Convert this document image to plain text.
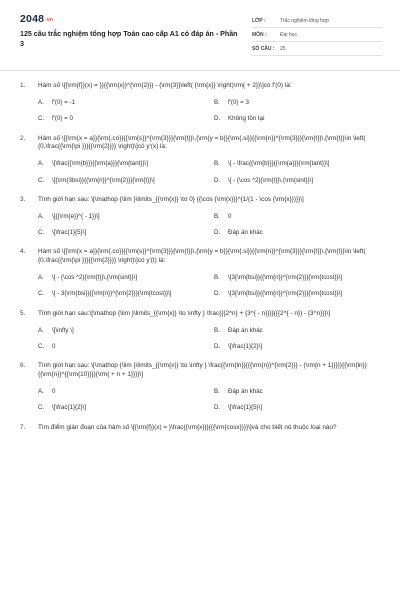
2048.vn
125 câu trắc nghiệm tổng hợp Toán cao cấp A1 có đáp án - Phần 3
LỚP :	Trắc nghiệm tổng hợp
MÔN :	Đại học
SỐ CÂU :	25
1.	Hàm số \[{\rm{f}}(x) = }}{{\rm{x}}^{\rm{2}}} - {\rm{3}}\left( {\rm{x}} \right)\rm{ + 2}}\]có f'(0) là:
A.	f'(0) = -1	B.	f'(0) = 3
C.	f'(0) = 0	D.	Không tồn tại
2.	Hàm số \[{\rm{x = a}}{\rm{.co}}{{\rm{s}}^{\rm{3}}}{\rm{t}}\,{\rm{y = b}}{\rm{.si}}{{\rm{n}}^{\rm{3}}}{\rm{t}}\,{\rm{t}}\in \left( {0,\frac{{\rm{\pi }}}{{\rm{2}}}} \right)\]có y'(x) là:
A.	\[\frac{{\rm{b}}}{{\rm{a}}}{\rm{tant}}\]	B.	\[ - \frac{{\rm{b}}}{{\rm{a}}}{\rm{tant}}\]
C.	\[{\rm{3bsi}}{{\rm{n}}^{\rm{2}}}{\rm{t}}\]	D.	\[ - {\cos ^2}{\rm{t}}\,{\rm{sint}}\]
3.	Tính giới hạn sau: \[\mathop {\lim }\limits_{{\rm{x}} \to 0} {{\cos {\rm{x}}}^{1/(1 - \cos {\rm{x}})}}\]
A.	\[{{\rm{e}}^{ - 1}}\]	B.	0
C.	\[\frac{1}{5}\]	D.	Đáp án khác
4.	Hàm số \[{\rm{x = a}}{\rm{.co}}{{\rm{s}}^{\rm{3}}}{\rm{t}}\,{\rm{y = b}}{\rm{.si}}{{\rm{n}}^{\rm{3}}}{\rm{t}}\,{\rm{t}}\in \left( {0,\frac{{\rm{\pi }}}{{\rm{2}}}} \right)\]có y'(t) là:
A.	\[ - {\cos ^2}{\rm{t}}\,{\rm{sint}}\]	B.	\[3{\rm{bsi}}{{\rm{n}}^{\rm{2}}}{\rm{tcost}}\]
C.	\[ - 3{\rm{bsi}}{{\rm{n}}^{\rm{2}}}{\rm{tcost}}\]	D.	\[3{\rm{bsi}}{{\rm{n}}^{\rm{2}}}{\rm{tcost}}\]
5.	Tính giới hạn sau:\[\mathop {\lim }\limits_{{\rm{x}} \to \infty } \frac{{{2^n} + {3^{ - n}}}}{{{2^{ - n}} - {3^n}}}\]
A.	\[\infty \]	B.	Đáp án khác
C.	0	D.	\[\frac{1}{2}\]
6.	Tính giới hạn sau: \[\mathop {\lim }\limits_{{\rm{x}} \to \infty } \frac{{\rm{ln}}{{{\rm{n}}^{\rm{2}}} - {\rm{n + 1}}}}}{{\rm{ln}}{{\rm{n}}^{{\rm{10}}}}{\rm{ + n + 1}}}}\]
A.	0	B.	Đáp án khác
C.	\[\frac{1}{2}\]	D.	\[\frac{1}{5}\]
7.	Tìm điểm gián đoạn của hàm số \[{\rm{f}}(x) = }\frac{{\rm{x}}}{{{\rm{cosx}}}}\]và cho biết nó thuộc loại nào?
